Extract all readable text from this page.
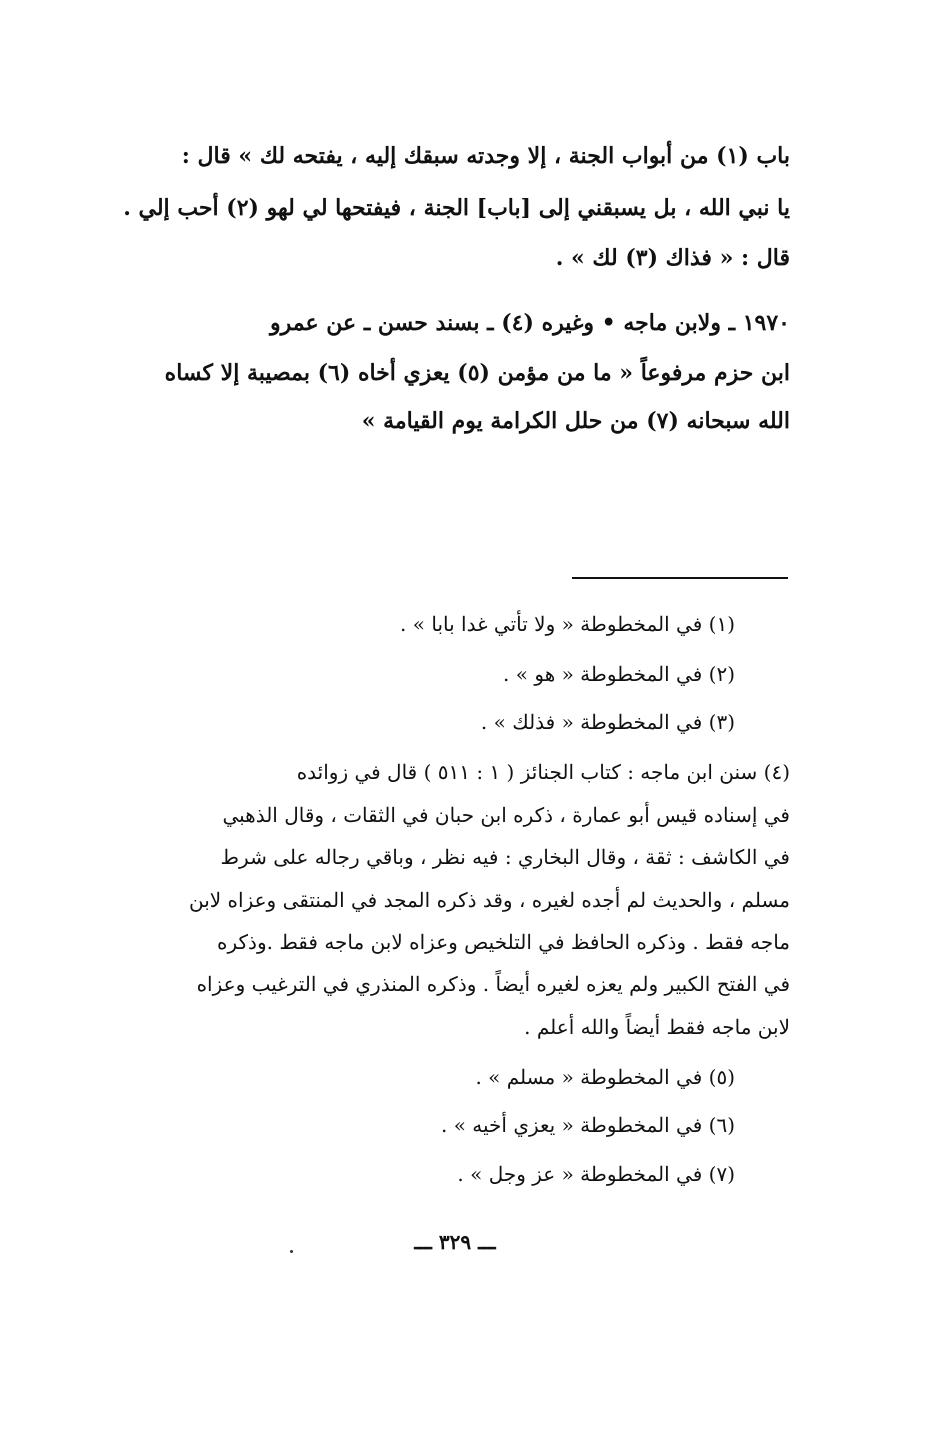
باب (١) من أبواب الجنة ، إلا وجدته سبقك إليه ، يفتحه لك » قال :
يا نبي الله ، بل يسبقني إلى [باب] الجنة ، فيفتحها لي لهو (٢) أحب إلي .
قال : « فذاك (٣) لك » .
١٩٧٠ ـ ولابن ماجه • وغيره (٤) ـ بسند حسن ـ عن عمرو
ابن حزم مرفوعاً « ما من مؤمن (٥) يعزي أخاه (٦) بمصيبة إلا كساه
الله سبحانه (٧) من حلل الكرامة يوم القيامة »
(١) في المخطوطة « ولا تأتي غدا بابا » .
(٢) في المخطوطة « هو » .
(٣) في المخطوطة « فذلك » .
(٤) سنن ابن ماجه : كتاب الجنائز ( ١ : ٥١١ ) قال في زوائده
في إسناده قيس أبو عمارة ، ذكره ابن حبان في الثقات ، وقال الذهبي
في الكاشف : ثقة ، وقال البخاري : فيه نظر ، وباقي رجاله على شرط
مسلم ، والحديث لم أجده لغيره ، وقد ذكره المجد في المنتقى وعزاه لابن
ماجه فقط . وذكره الحافظ في التلخيص وعزاه لابن ماجه فقط .وذكره
في الفتح الكبير ولم يعزه لغيره أيضاً . وذكره المنذري في الترغيب وعزاه
لابن ماجه فقط أيضاً والله أعلم .
(٥) في المخطوطة « مسلم » .
(٦) في المخطوطة « يعزي أخيه » .
(٧) في المخطوطة « عز وجل » .
ـــ ٣٢٩ ـــ
